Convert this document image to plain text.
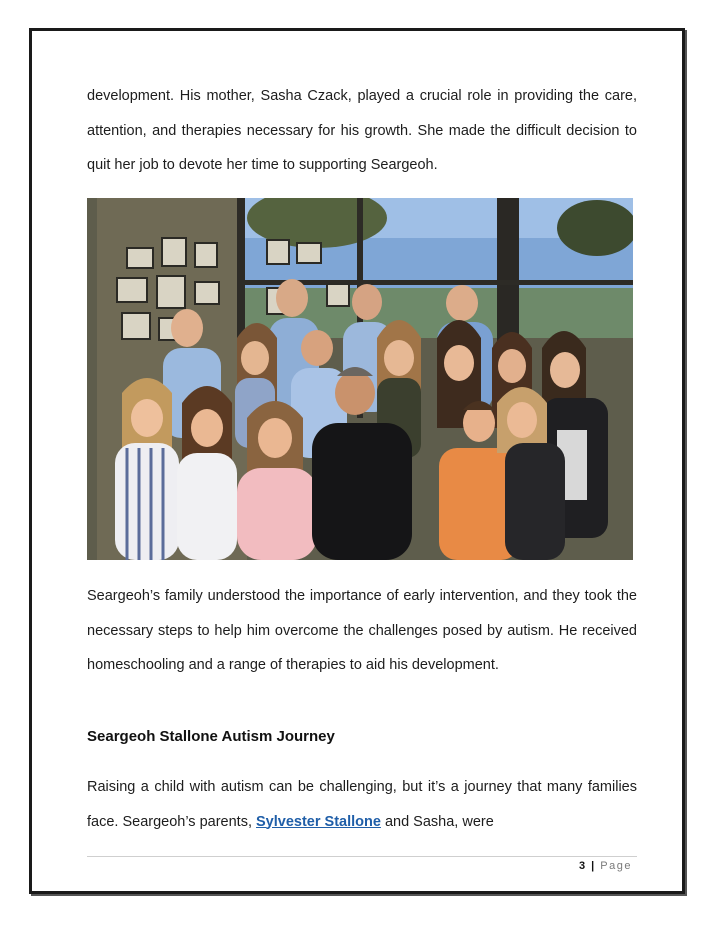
development. His mother, Sasha Czack, played a crucial role in providing the care, attention, and therapies necessary for his growth. She made the difficult decision to quit her job to devote her time to supporting Seargeoh.
Seargeoh’s family understood the importance of early intervention, and they took the necessary steps to help him overcome the challenges posed by autism. He received homeschooling and a range of therapies to aid his development.
Seargeoh Stallone Autism Journey
Raising a child with autism can be challenging, but it’s a journey that many families face. Seargeoh’s parents, Sylvester Stallone and Sasha, were
3 | Page
